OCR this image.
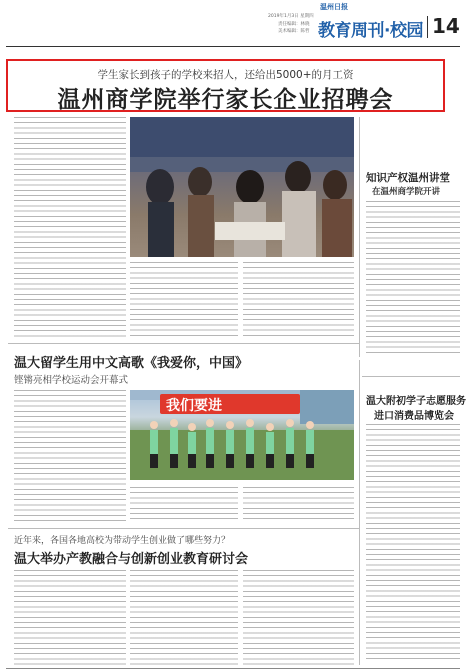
温州日报
2019年1月3日 星期四
责任编辑：林晓
美术编辑：陈哲 教育周刊·校园 14
学生家长到孩子的学校来招人，还给出5000+的月工资
温州商学院举行家长企业招聘会
知识产权温州讲堂
在温州商学院开讲
温大留学生用中文高歌《我爱你，中国》
铿锵亮相学校运动会开幕式
我们要进	温大附初学子志愿服务
进口消费品博览会
近年来，各国各地高校为带动学生创业做了哪些努力？
温大举办产教融合与创新创业教育研讨会
